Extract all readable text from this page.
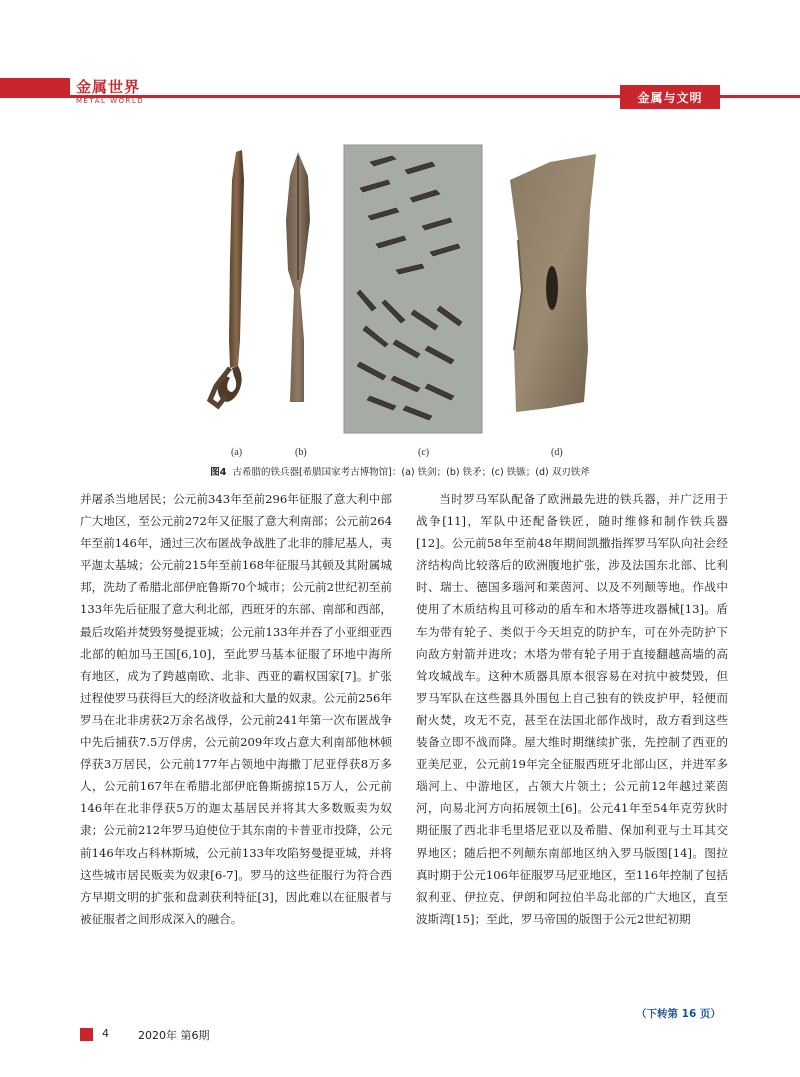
金属世界
METAL WORLD	金属与文明
(a)	(b)	(c)	(d)
图4 古希腊的铁兵器[希腊国家考古博物馆]：(a) 铁剑；(b) 铁矛；(c) 铁镞；(d) 双刃铁斧

并屠杀当地居民；公元前343年至前296年征服了意大利中部广大地区，至公元前272年又征服了意大利南部；公元前264年至前146年，通过三次布匿战争战胜了北非的腓尼基人，夷平迦太基城；公元前215年至前168年征服马其顿及其附属城邦，洗劫了希腊北部伊庇鲁斯70个城市；公元前2世纪初至前133年先后征服了意大利北部，西班牙的东部、南部和西部，最后攻陷并焚毁努曼提亚城；公元前133年并吞了小亚细亚西北部的帕加马王国[6,10]，至此罗马基本征服了环地中海所有地区，成为了跨越南欧、北非、西亚的霸权国家[7]。扩张过程使罗马获得巨大的经济收益和大量的奴隶。公元前256年罗马在北非虏获2万余名战俘，公元前241年第一次布匿战争中先后捕获7.5万俘虏，公元前209年攻占意大利南部他林顿俘获3万居民，公元前177年占领地中海撒丁尼亚俘获8万多人，公元前167年在希腊北部伊庇鲁斯掳掠15万人，公元前146年在北非俘获5万的迦太基居民并将其大多数贩卖为奴隶；公元前212年罗马迫使位于其东南的卡普亚市投降，公元前146年攻占科林斯城，公元前133年攻陷努曼提亚城，并将这些城市居民贩卖为奴隶[6-7]。罗马的这些征服行为符合西方早期文明的扩张和盘剥获利特征[3]，因此难以在征服者与被征服者之间形成深入的融合。

当时罗马军队配备了欧洲最先进的铁兵器，并广泛用于战争[11]，军队中还配备铁匠，随时维修和制作铁兵器[12]。公元前58年至前48年期间凯撒指挥罗马军队向社会经济结构尚比较落后的欧洲腹地扩张，涉及法国东北部、比利时、瑞士、德国多瑙河和莱茵河、以及不列颠等地。作战中使用了木质结构且可移动的盾车和木塔等进攻器械[13]。盾车为带有轮子、类似于今天坦克的防护车，可在外壳防护下向敌方射箭并进攻；木塔为带有轮子用于直接翻越高墙的高耸攻城战车。这种木质器具原本很容易在对抗中被焚毁，但罗马军队在这些器具外围包上自己独有的铁皮护甲，轻便而耐火焚，攻无不克，甚至在法国北部作战时，敌方看到这些装备立即不战而降。屋大维时期继续扩张，先控制了西亚的亚美尼亚，公元前19年完全征服西班牙北部山区，并进军多瑙河上、中游地区，占领大片领土；公元前12年越过莱茵河，向易北河方向拓展领土[6]。公元41年至54年克劳狄时期征服了西北非毛里塔尼亚以及希腊、保加利亚与土耳其交界地区；随后把不列颠东南部地区纳入罗马版图[14]。图拉真时期于公元106年征服罗马尼亚地区，至116年控制了包括叙利亚、伊拉克、伊朗和阿拉伯半岛北部的广大地区，直至波斯湾[15]；至此，罗马帝国的版图于公元2世纪初期

（下转第 16 页）
4	2020年 第6期
